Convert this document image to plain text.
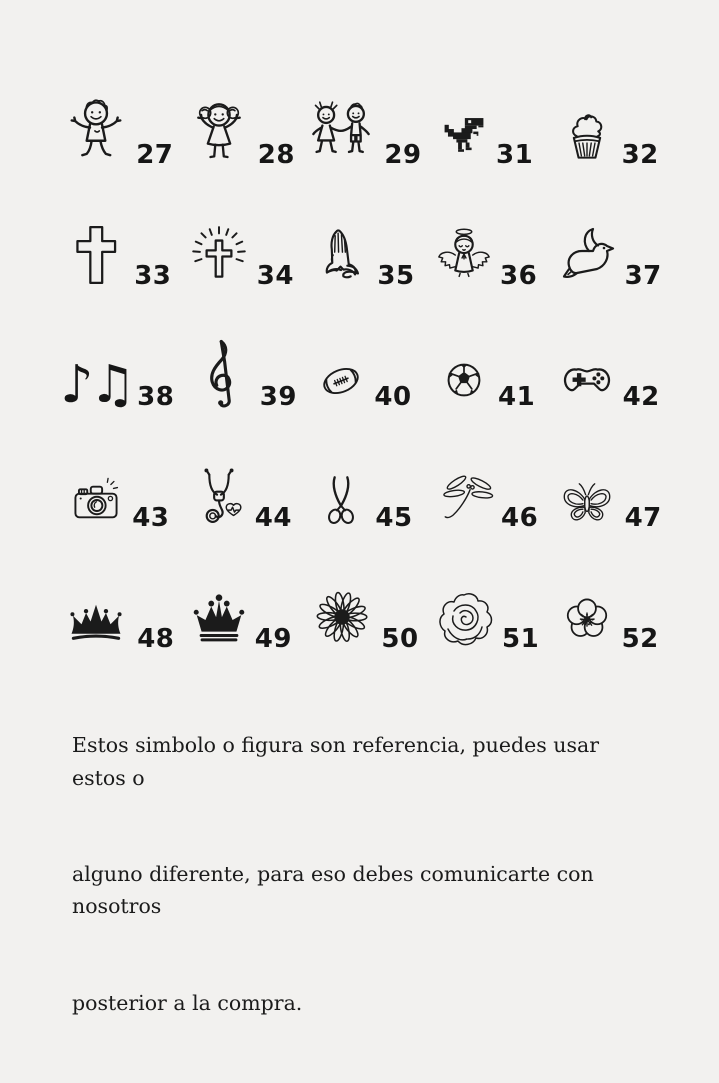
27	28	29	31	32
33	34	35	36	37
♪♫ 38	39	40	41	42
43	44	45	46	47
48	49	50	51	52

Estos simbolo o figura son referencia, puedes usar  estos o

alguno diferente, para eso debes comunicarte con nosotros

posterior a la compra.
